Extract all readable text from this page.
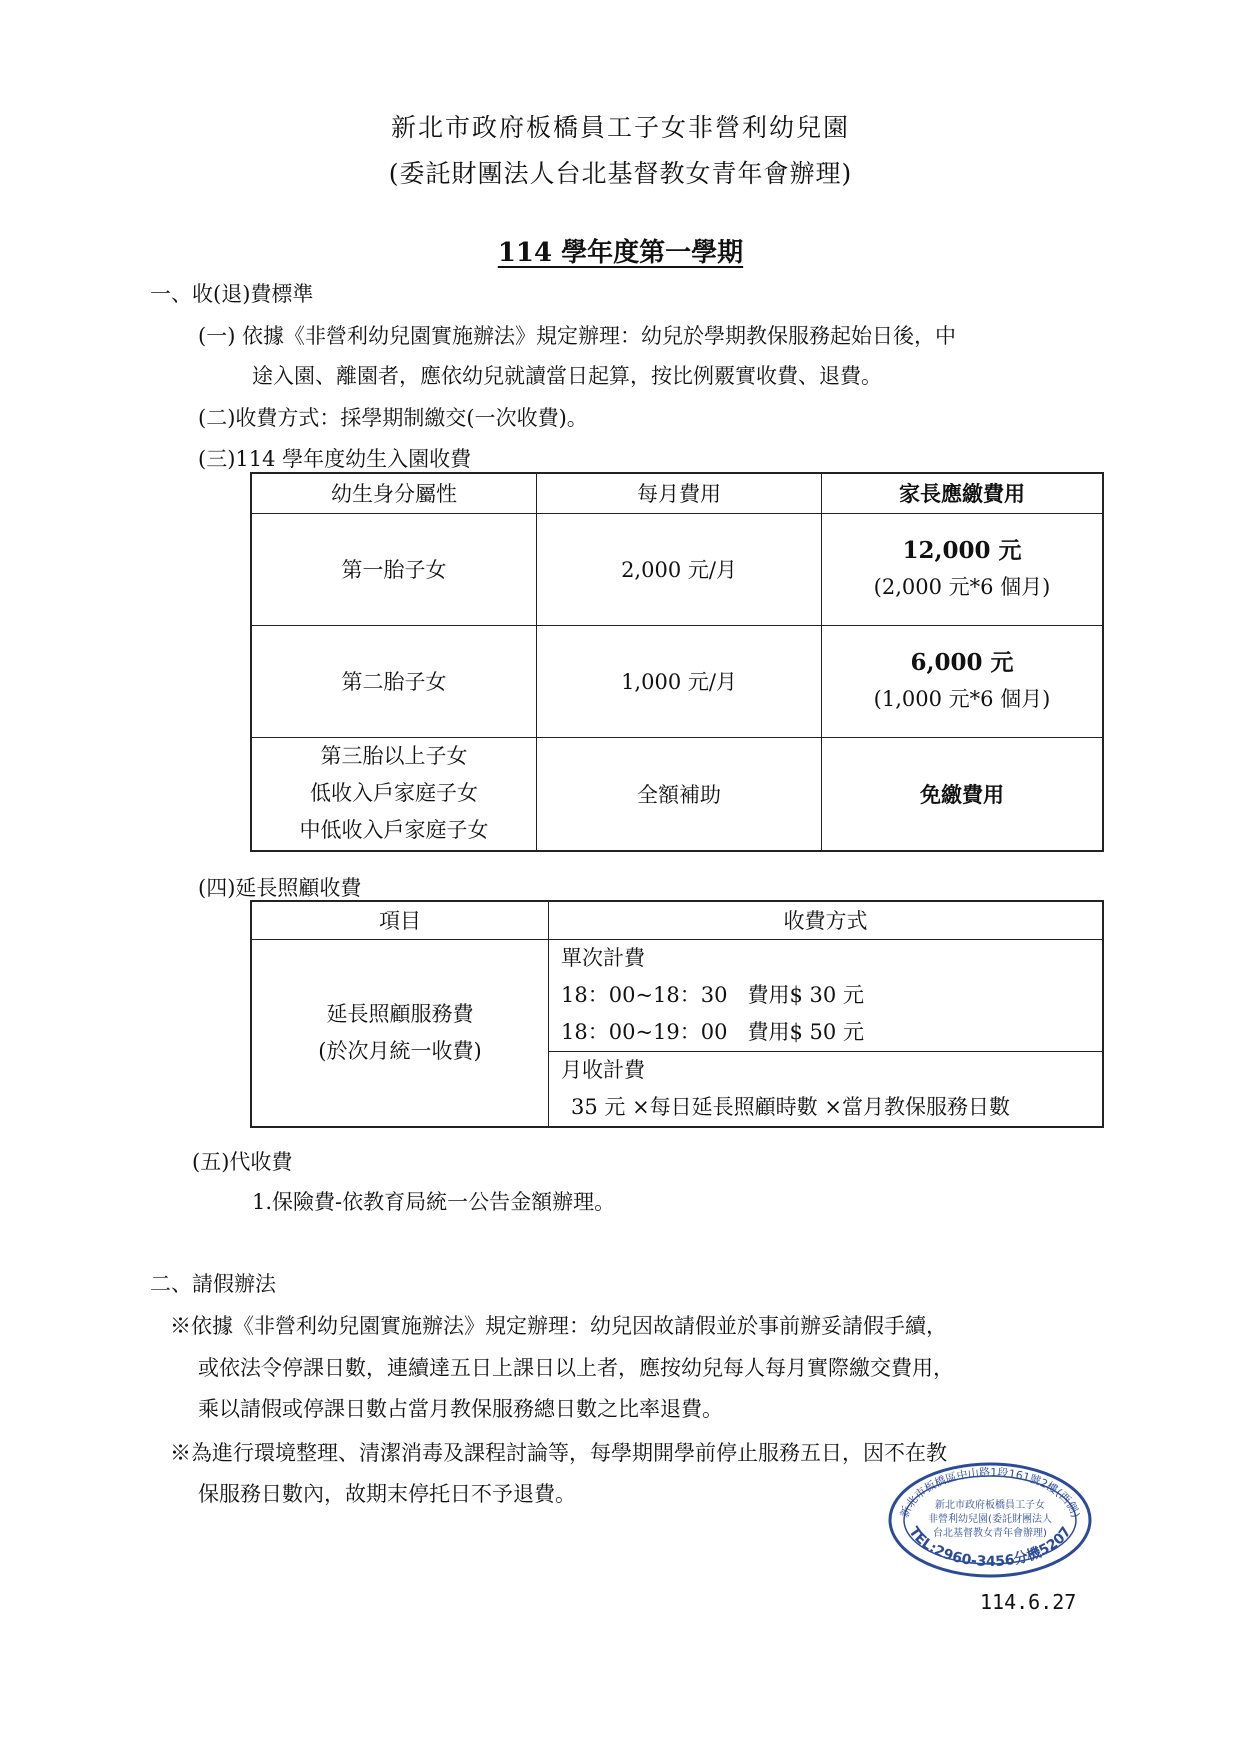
新北市政府板橋員工子女非營利幼兒園
(委託財團法人台北基督教女青年會辦理)
114 學年度第一學期
一、收(退)費標準
(一) 依據《非營利幼兒園實施辦法》規定辦理：幼兒於學期教保服務起始日後，中
途入園、離園者，應依幼兒就讀當日起算，按比例覈實收費、退費。
(二)收費方式：採學期制繳交(一次收費)。
(三)114 學年度幼生入園收費
幼生身分屬性	每月費用	家長應繳費用
第一胎子女	2,000 元/月	12,000 元
(2,000 元*6 個月)

第二胎子女	1,000 元/月	6,000 元
(1,000 元*6 個月)

第三胎以上子女
低收入戶家庭子女
中低收入戶家庭子女	全額補助	免繳費用
(四)延長照顧收費
項目	收費方式

延長照顧服務費
(於次月統一收費)	單次計費
18：00~18：30   費用$ 30 元
18：00~19：00   費用$ 50 元

	月收計費
35 元 ×每日延長照顧時數 ×當月教保服務日數
(五)代收費
1.保險費-依教育局統一公告金額辦理。
二、請假辦法
※依據《非營利幼兒園實施辦法》規定辦理：幼兒因故請假並於事前辦妥請假手續，
或依法令停課日數，連續達五日上課日以上者，應按幼兒每人每月實際繳交費用，
乘以請假或停課日數占當月教保服務總日數之比率退費。
※為進行環境整理、清潔消毒及課程討論等，每學期開學前停止服務五日，因不在教
保服務日數內，故期末停托日不予退費。
新北市板橋區中山路1段161號2樓(西側)
TEL:2960-3456分機5207
新北市政府板橋員工子女
非營利幼兒園(委託財團法人
台北基督教女青年會辦理)
114.6.27
